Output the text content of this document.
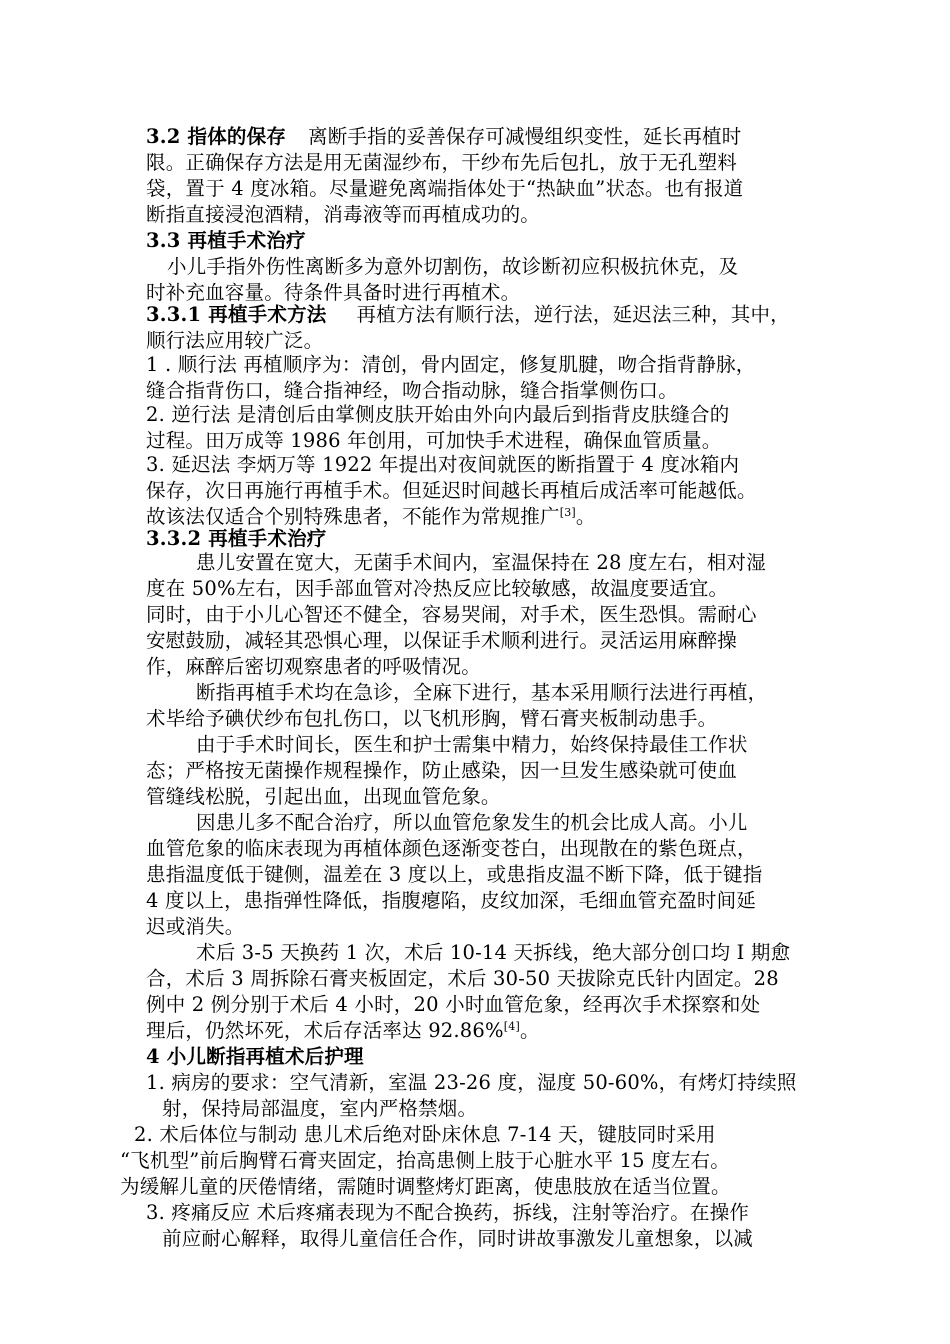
3.2 指体的保存 离断手指的妥善保存可减慢组织变性，延长再植时
限。正确保存方法是用无菌湿纱布，干纱布先后包扎，放于无孔塑料
袋，置于 4 度冰箱。尽量避免离端指体处于“热缺血”状态。也有报道
断指直接浸泡酒精，消毒液等而再植成功的。
3.3 再植手术治疗
小儿手指外伤性离断多为意外切割伤，故诊断初应积极抗休克，及
时补充血容量。待条件具备时进行再植术。
3.3.1 再植手术方法 再植方法有顺行法，逆行法，延迟法三种，其中，
顺行法应用较广泛。
1 . 顺行法 再植顺序为：清创，骨内固定，修复肌腱，吻合指背静脉，
缝合指背伤口，缝合指神经，吻合指动脉，缝合指掌侧伤口。
2. 逆行法 是清创后由掌侧皮肤开始由外向内最后到指背皮肤缝合的
过程。田万成等 1986 年创用，可加快手术进程，确保血管质量。
3. 延迟法 李炳万等 1922 年提出对夜间就医的断指置于 4 度冰箱内
保存，次日再施行再植手术。但延迟时间越长再植后成活率可能越低。
故该法仅适合个别特殊患者，不能作为常规推广[3]。
3.3.2 再植手术治疗
患儿安置在宽大，无菌手术间内，室温保持在 28 度左右，相对湿
度在 50%左右，因手部血管对冷热反应比较敏感，故温度要适宜。
同时，由于小儿心智还不健全，容易哭闹，对手术，医生恐惧。需耐心
安慰鼓励，减轻其恐惧心理，以保证手术顺利进行。灵活运用麻醉操
作，麻醉后密切观察患者的呼吸情况。
断指再植手术均在急诊，全麻下进行，基本采用顺行法进行再植，
术毕给予碘伏纱布包扎伤口，以飞机形胸，臂石膏夹板制动患手。
由于手术时间长，医生和护士需集中精力，始终保持最佳工作状
态；严格按无菌操作规程操作，防止感染，因一旦发生感染就可使血
管缝线松脱，引起出血，出现血管危象。
因患儿多不配合治疗，所以血管危象发生的机会比成人高。小儿
血管危象的临床表现为再植体颜色逐渐变苍白，出现散在的紫色斑点，
患指温度低于键侧，温差在 3 度以上，或患指皮温不断下降，低于键指
4 度以上，患指弹性降低，指腹瘪陷，皮纹加深，毛细血管充盈时间延
迟或消失。
术后 3-5 天换药 1 次，术后 10-14 天拆线，绝大部分创口均 I 期愈
合，术后 3 周拆除石膏夹板固定，术后 30-50 天拔除克氏针内固定。28
例中 2 例分别于术后 4 小时，20 小时血管危象，经再次手术探察和处
理后，仍然坏死，术后存活率达 92.86%[4]。
4 小儿断指再植术后护理
1. 病房的要求：空气清新，室温 23-26 度，湿度 50-60%，有烤灯持续照
射，保持局部温度，室内严格禁烟。
2. 术后体位与制动 患儿术后绝对卧床休息 7-14 天，键肢同时采用
“飞机型”前后胸臂石膏夹固定，抬高患侧上肢于心脏水平 15 度左右。
为缓解儿童的厌倦情绪，需随时调整烤灯距离，使患肢放在适当位置。
3. 疼痛反应 术后疼痛表现为不配合换药，拆线，注射等治疗。在操作
前应耐心解释，取得儿童信任合作，同时讲故事激发儿童想象，以减
